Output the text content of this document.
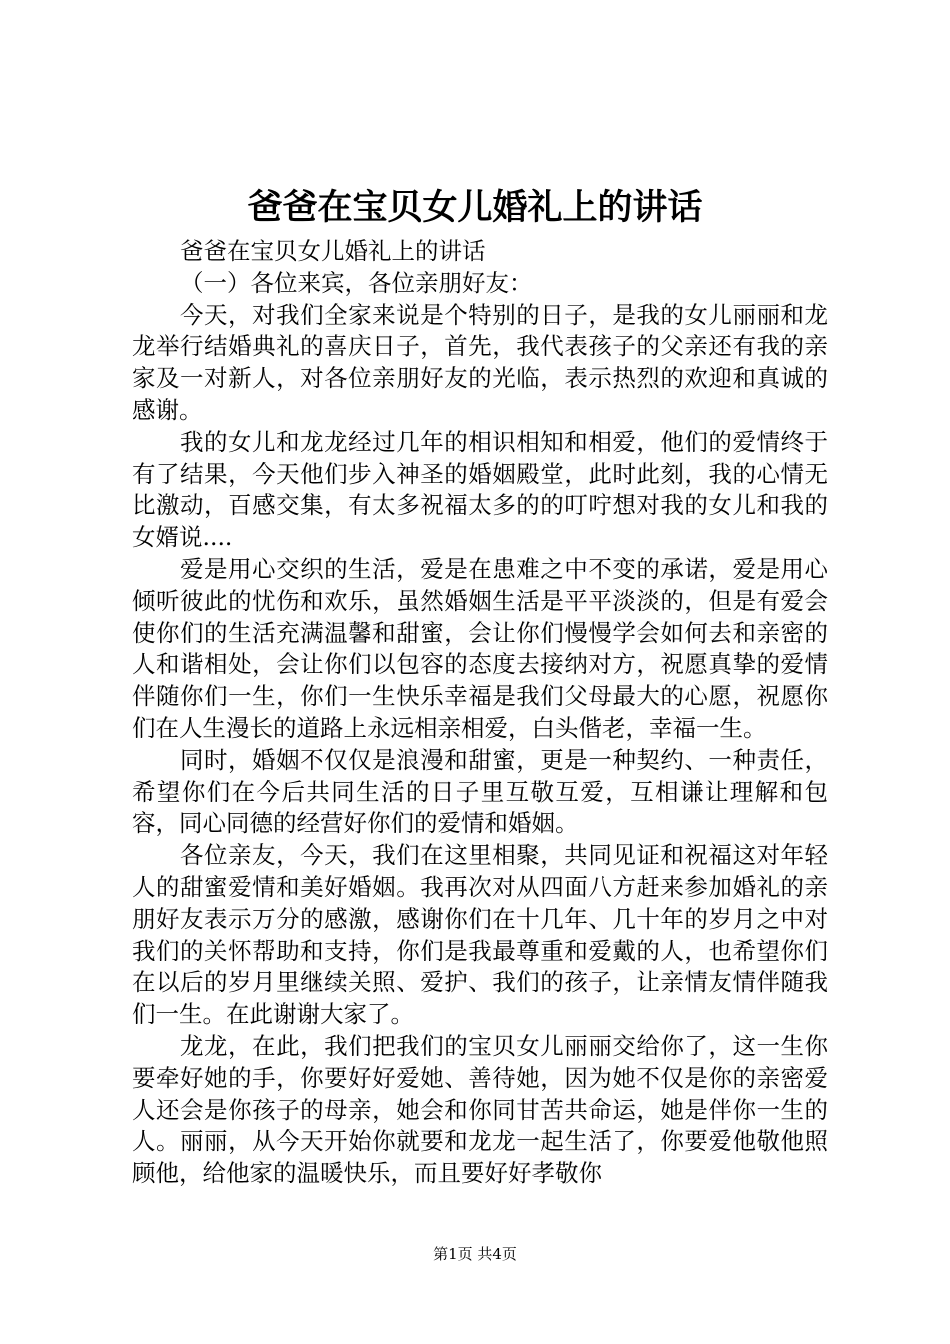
爸爸在宝贝女儿婚礼上的讲话

爸爸在宝贝女儿婚礼上的讲话

（一）各位来宾，各位亲朋好友：

今天，对我们全家来说是个特别的日子，是我的女儿丽丽和龙龙举行结婚典礼的喜庆日子，首先，我代表孩子的父亲还有我的亲家及一对新人，对各位亲朋好友的光临，表示热烈的欢迎和真诚的感谢。

我的女儿和龙龙经过几年的相识相知和相爱，他们的爱情终于有了结果，今天他们步入神圣的婚姻殿堂，此时此刻，我的心情无比激动，百感交集，有太多祝福太多的的叮咛想对我的女儿和我的女婿说....

爱是用心交织的生活，爱是在患难之中不变的承诺，爱是用心倾听彼此的忧伤和欢乐，虽然婚姻生活是平平淡淡的，但是有爱会使你们的生活充满温馨和甜蜜，会让你们慢慢学会如何去和亲密的人和谐相处，会让你们以包容的态度去接纳对方，祝愿真挚的爱情伴随你们一生，你们一生快乐幸福是我们父母最大的心愿，祝愿你们在人生漫长的道路上永远相亲相爱，白头偕老，幸福一生。

同时，婚姻不仅仅是浪漫和甜蜜，更是一种契约、一种责任，希望你们在今后共同生活的日子里互敬互爱，互相谦让理解和包容，同心同德的经营好你们的爱情和婚姻。

各位亲友，今天，我们在这里相聚，共同见证和祝福这对年轻人的甜蜜爱情和美好婚姻。我再次对从四面八方赶来参加婚礼的亲朋好友表示万分的感激，感谢你们在十几年、几十年的岁月之中对我们的关怀帮助和支持，你们是我最尊重和爱戴的人，也希望你们在以后的岁月里继续关照、爱护、我们的孩子，让亲情友情伴随我们一生。在此谢谢大家了。

龙龙，在此，我们把我们的宝贝女儿丽丽交给你了，这一生你要牵好她的手，你要好好爱她、善待她，因为她不仅是你的亲密爱人还会是你孩子的母亲，她会和你同甘苦共命运，她是伴你一生的人。丽丽，从今天开始你就要和龙龙一起生活了，你要爱他敬他照顾他，给他家的温暖快乐，而且要好好孝敬你

第1页 共4页
